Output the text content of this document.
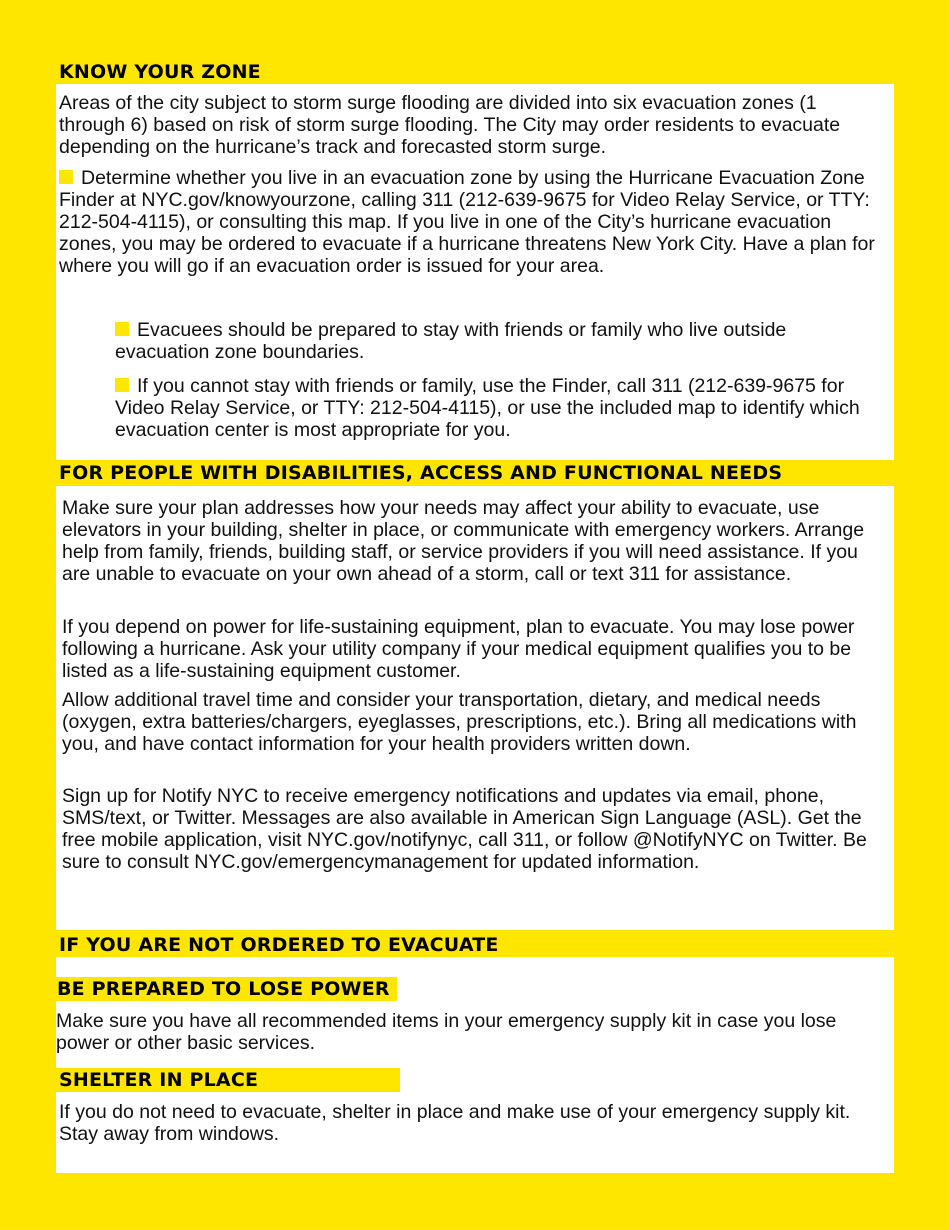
KNOW YOUR ZONE

Areas of the city subject to storm surge flooding are divided into six evacuation zones (1 through 6) based on risk of storm surge flooding. The City may order residents to evacuate depending on the hurricane’s track and forecasted storm surge.

Determine whether you live in an evacuation zone by using the Hurricane Evacuation Zone Finder at NYC.gov/knowyourzone, calling 311 (212-639-9675 for Video Relay Service, or TTY: 212-504-4115), or consulting this map. If you live in one of the City’s hurricane evacuation zones, you may be ordered to evacuate if a hurricane threatens New York City. Have a plan for where you will go if an evacuation order is issued for your area.

Evacuees should be prepared to stay with friends or family who live outside evacuation zone boundaries.

If you cannot stay with friends or family, use the Finder, call 311 (212-639-9675 for Video Relay Service, or TTY: 212-504-4115), or use the included map to identify which evacuation center is most appropriate for you.

FOR PEOPLE WITH DISABILITIES, ACCESS AND FUNCTIONAL NEEDS

Make sure your plan addresses how your needs may affect your ability to evacuate, use elevators in your building, shelter in place, or communicate with emergency workers. Arrange help from family, friends, building staff, or service providers if you will need assistance. If you are unable to evacuate on your own ahead of a storm, call or text 311 for assistance.

If you depend on power for life-sustaining equipment, plan to evacuate. You may lose power following a hurricane. Ask your utility company if your medical equipment qualifies you to be listed as a life-sustaining equipment customer.

Allow additional travel time and consider your transportation, dietary, and medical needs (oxygen, extra batteries/chargers, eyeglasses, prescriptions, etc.). Bring all medications with you, and have contact information for your health providers written down.

Sign up for Notify NYC to receive emergency notifications and updates via email, phone, SMS/text, or Twitter. Messages are also available in American Sign Language (ASL). Get the free mobile application, visit NYC.gov/notifynyc, call 311, or follow @NotifyNYC on Twitter. Be sure to consult NYC.gov/emergencymanagement for updated information.

IF YOU ARE NOT ORDERED TO EVACUATE
BE PREPARED TO LOSE POWER

Make sure you have all recommended items in your emergency supply kit in case you lose power or other basic services.

SHELTER IN PLACE

If you do not need to evacuate, shelter in place and make use of your emergency supply kit. Stay away from windows.
